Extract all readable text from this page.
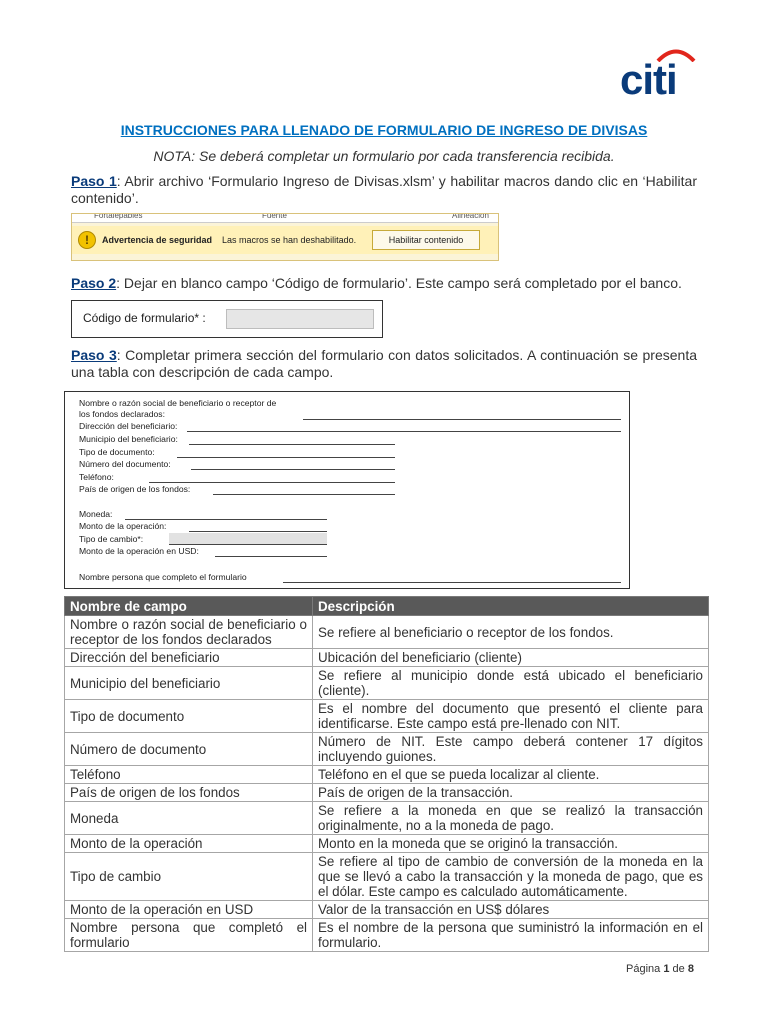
citi
INSTRUCCIONES PARA LLENADO DE FORMULARIO DE INGRESO DE DIVISAS
NOTA: Se deberá completar un formulario por cada transferencia recibida.
Paso 1: Abrir archivo ‘Formulario Ingreso de Divisas.xlsm’ y habilitar macros dando clic en ‘Habilitar contenido’.
Fortalepables	Fuente	Alineación
!	Advertencia de seguridad Las macros se han deshabilitado.	Habilitar contenido
Paso 2: Dejar en blanco campo ‘Código de formulario’. Este campo será completado por el banco.
Código de formulario* :
Paso 3: Completar primera sección del formulario con datos solicitados. A continuación se presenta una tabla con descripción de cada campo.
Nombre o razón social de beneficiario o receptor de
los fondos declarados:
Dirección del beneficiario:
Municipio del beneficiario:
Tipo de documento:
Número del documento:
Teléfono:
País de origen de los fondos:
Moneda:
Monto de la operación:
Tipo de cambio*:
Monto de la operación en USD:
Nombre persona que completo el formulario
Nombre de campo	Descripción
Nombre o razón social de beneficiario o receptor de los fondos declarados	Se refiere al beneficiario o receptor de los fondos.
Dirección del beneficiario	Ubicación del beneficiario (cliente)
Municipio del beneficiario	Se refiere al municipio donde está ubicado el beneficiario (cliente).
Tipo de documento	Es el nombre del documento que presentó el cliente para identificarse. Este campo está pre-llenado con NIT.
Número de documento	Número de NIT. Este campo deberá contener 17 dígitos incluyendo guiones.
Teléfono	Teléfono en el que se pueda localizar al cliente.
País de origen de los fondos	País de origen de la transacción.
Moneda	Se refiere a la moneda en que se realizó la transacción originalmente, no a la moneda de pago.
Monto de la operación	Monto en la moneda que se originó la transacción.
Tipo de cambio	Se refiere al tipo de cambio de conversión de la moneda en la que se llevó a cabo la transacción y la moneda de pago, que es el dólar. Este campo es calculado automáticamente.
Monto de la operación en USD	Valor de la transacción en US$ dólares
Nombre persona que completó el formulario	Es el nombre de la persona que suministró la información en el formulario.
Página 1 de 8
